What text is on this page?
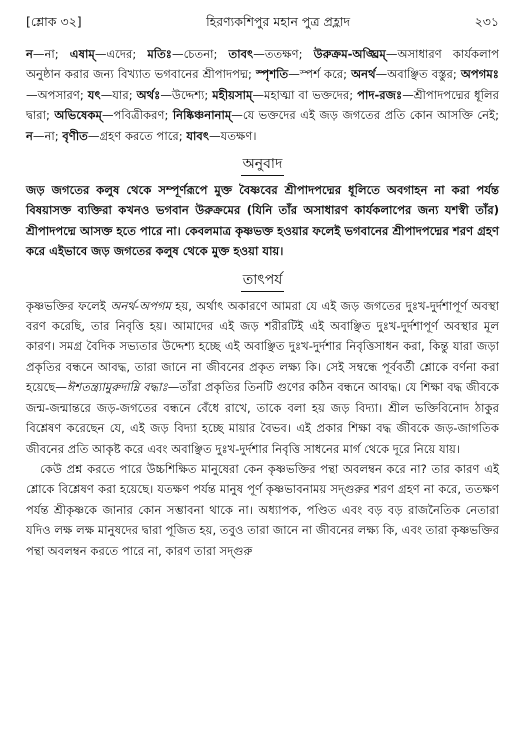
[শ্লোক ৩২]	হিরণ্যকশিপুর মহান পুত্র প্রহ্লাদ	২৩১

ন—না; এষাম্—এদের; মতিঃ—চেতনা; তাবৎ—ততক্ষণ; উরুক্রম-অঙ্ঘ্রিম্—অসাধারণ কার্যকলাপ অনুষ্ঠান করার জন্য বিখ্যাত ভগবানের শ্রীপাদপদ্ম; স্পৃশতি—স্পর্শ করে; অনর্থ—অবাঞ্ছিত বস্তুর; অপগমঃ—অপসারণ; যৎ—যার; অর্থঃ—উদ্দেশ্য; মহীয়সাম্—মহাত্মা বা ভক্তদের; পাদ-রজঃ—শ্রীপাদপদ্মের ধূলির দ্বারা; অভিষেকম্—পবিত্রীকরণ; নিষ্কিঞ্চনানাম্—যে ভক্তদের এই জড় জগতের প্রতি কোন আসক্তি নেই; ন—না; বৃণীত—গ্রহণ করতে পারে; যাবৎ—যতক্ষণ।

অনুবাদ

জড় জগতের কলুষ থেকে সম্পূর্ণরূপে মুক্ত বৈষ্ণবের শ্রীপাদপদ্মের ধূলিতে অবগাহন না করা পর্যন্ত বিষয়াসক্ত ব্যক্তিরা কখনও ভগবান উরুক্রমের (যিনি তাঁর অসাধারণ কার্যকলাপের জন্য যশস্বী তাঁর) শ্রীপাদপদ্মে আসক্ত হতে পারে না। কেবলমাত্র কৃষ্ণভক্ত হওয়ার ফলেই ভগবানের শ্রীপাদপদ্মের শরণ গ্রহণ করে এইভাবে জড় জগতের কলুষ থেকে মুক্ত হওয়া যায়।

তাৎপর্য

কৃষ্ণভক্তির ফলেই অনর্থ-অপগম হয়, অর্থাৎ অকারণে আমরা যে এই জড় জগতের দুঃখ-দুর্দশাপূর্ণ অবস্থা বরণ করেছি, তার নিবৃত্তি হয়। আমাদের এই জড় শরীরটিই এই অবাঞ্ছিত দুঃখ-দুর্দশাপূর্ণ অবস্থার মূল কারণ। সমগ্র বৈদিক সভ্যতার উদ্দেশ্য হচ্ছে এই অবাঞ্ছিত দুঃখ-দুর্দশার নিবৃত্তিসাধন করা, কিন্তু যারা জড়া প্রকৃতির বন্ধনে আবদ্ধ, তারা জানে না জীবনের প্রকৃত লক্ষ্য কি। সেই সম্বন্ধে পূর্ববর্তী শ্লোকে বর্ণনা করা হয়েছে—ঈশতন্ত্র্যামুরুদাম্নি বদ্ধাঃ—তাঁরা প্রকৃতির তিনটি গুণের কঠিন বন্ধনে আবদ্ধ। যে শিক্ষা বদ্ধ জীবকে জন্ম-জন্মান্তরে জড়-জগতের বন্ধনে বেঁধে রাখে, তাকে বলা হয় জড় বিদ্যা। শ্রীল ভক্তিবিনোদ ঠাকুর বিশ্লেষণ করেছেন যে, এই জড় বিদ্যা হচ্ছে মায়ার বৈভব। এই প্রকার শিক্ষা বদ্ধ জীবকে জড়-জাগতিক জীবনের প্রতি আকৃষ্ট করে এবং অবাঞ্ছিত দুঃখ-দুর্দশার নিবৃত্তি সাধনের মার্গ থেকে দূরে নিয়ে যায়।

কেউ প্রশ্ন করতে পারে উচ্চশিক্ষিত মানুষেরা কেন কৃষ্ণভক্তির পন্থা অবলম্বন করে না? তার কারণ এই শ্লোকে বিশ্লেষণ করা হয়েছে। যতক্ষণ পর্যন্ত মানুষ পূর্ণ কৃষ্ণভাবনাময় সদ্গুরুর শরণ গ্রহণ না করে, ততক্ষণ পর্যন্ত শ্রীকৃষ্ণকে জানার কোন সম্ভাবনা থাকে না। অধ্যাপক, পণ্ডিত এবং বড় বড় রাজনৈতিক নেতারা যদিও লক্ষ লক্ষ মানুষদের দ্বারা পূজিত হয়, তবুও তারা জানে না জীবনের লক্ষ্য কি, এবং তারা কৃষ্ণভক্তির পন্থা অবলম্বন করতে পারে না, কারণ তারা সদ্গুরু
